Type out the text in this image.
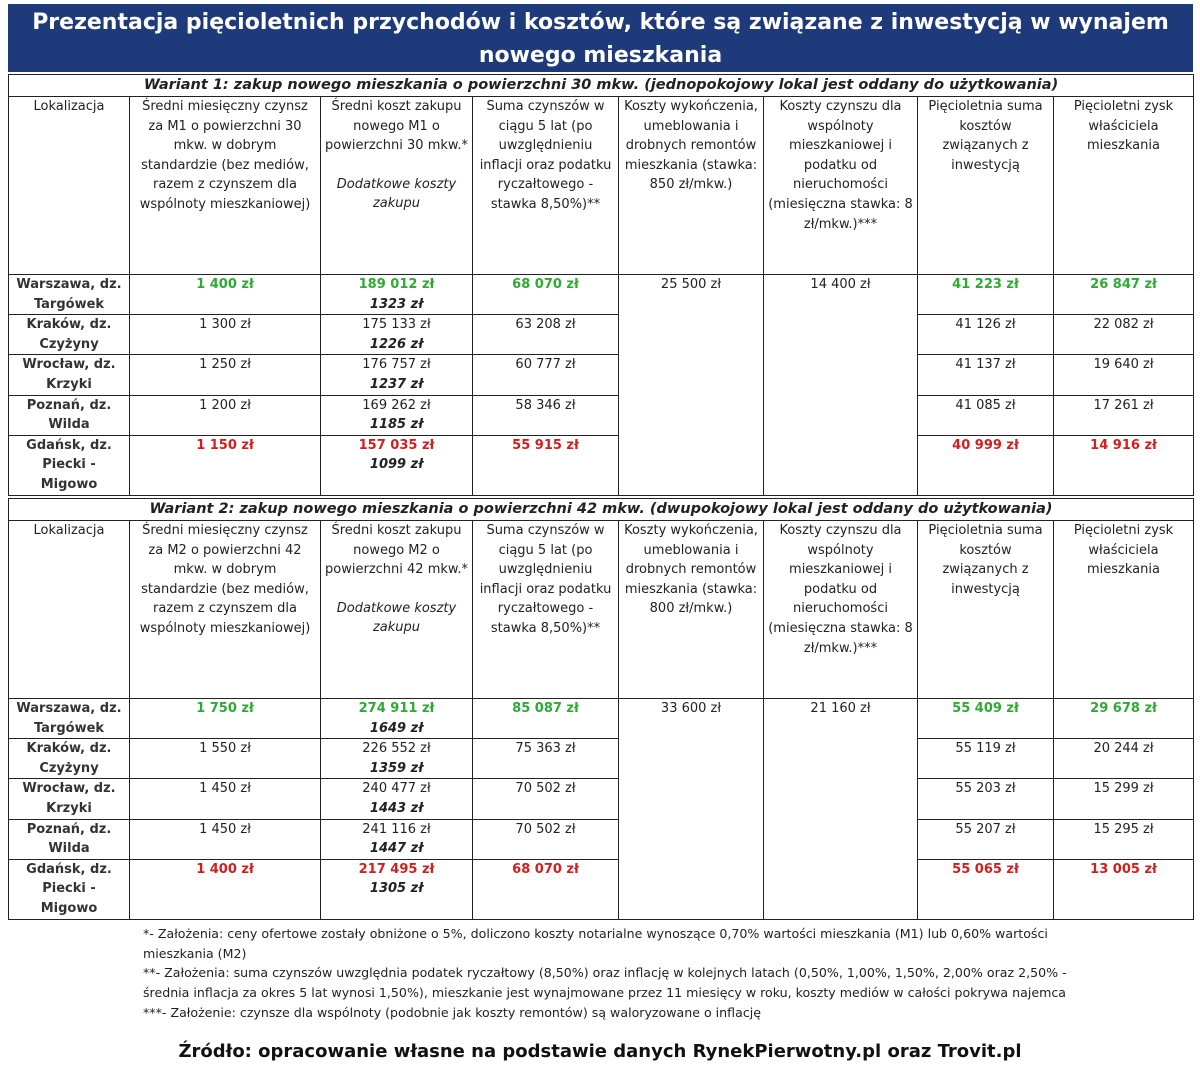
Prezentacja pięcioletnich przychodów i kosztów, które są związane z inwestycją w wynajem nowego mieszkania
Wariant 1: zakup nowego mieszkania o powierzchni 30 mkw. (jednopokojowy lokal jest oddany do użytkowania)							

Lokalizacja	Średni miesięczny czynsz za M1 o powierzchni 30 mkw. w dobrym standardzie (bez mediów, razem z czynszem dla wspólnoty mieszkaniowej)	Średni koszt zakupu nowego M1 o powierzchni 30 mkw.*
Dodatkowe koszty zakupu	Suma czynszów w ciągu 5 lat (po uwzględnieniu inflacji oraz podatku ryczałtowego - stawka 8,50%)**	Koszty wykończenia, umeblowania i drobnych remontów mieszkania (stawka: 850 zł/mkw.)	Koszty czynszu dla wspólnoty mieszkaniowej i podatku od nieruchomości (miesięczna stawka: 8 zł/mkw.)***	Pięcioletnia suma kosztów związanych z inwestycją	Pięcioletni zysk właściciela mieszkania

Warszawa, dz. Targówek	1 400 zł	189 012 zł
1323 zł	68 070 zł	25 500 zł	14 400 zł	41 223 zł	26 847 zł
Kraków, dz. Czyżyny	1 300 zł	175 133 zł
1226 zł	63 208 zł			41 126 zł	22 082 zł
Wrocław, dz. Krzyki	1 250 zł	176 757 zł
1237 zł	60 777 zł			41 137 zł	19 640 zł
Poznań, dz. Wilda	1 200 zł	169 262 zł
1185 zł	58 346 zł			41 085 zł	17 261 zł
Gdańsk, dz. Piecki - Migowo	1 150 zł	157 035 zł
1099 zł	55 915 zł			40 999 zł	14 916 zł
Wariant 2: zakup nowego mieszkania o powierzchni 42 mkw. (dwupokojowy lokal jest oddany do użytkowania)							

Lokalizacja	Średni miesięczny czynsz za M2 o powierzchni 42 mkw. w dobrym standardzie (bez mediów, razem z czynszem dla wspólnoty mieszkaniowej)	Średni koszt zakupu nowego M2 o powierzchni 42 mkw.*
Dodatkowe koszty zakupu	Suma czynszów w ciągu 5 lat (po uwzględnieniu inflacji oraz podatku ryczałtowego - stawka 8,50%)**	Koszty wykończenia, umeblowania i drobnych remontów mieszkania (stawka: 800 zł/mkw.)	Koszty czynszu dla wspólnoty mieszkaniowej i podatku od nieruchomości (miesięczna stawka: 8 zł/mkw.)***	Pięcioletnia suma kosztów związanych z inwestycją	Pięcioletni zysk właściciela mieszkania

Warszawa, dz. Targówek	1 750 zł	274 911 zł
1649 zł	85 087 zł	33 600 zł	21 160 zł	55 409 zł	29 678 zł
Kraków, dz. Czyżyny	1 550 zł	226 552 zł
1359 zł	75 363 zł			55 119 zł	20 244 zł
Wrocław, dz. Krzyki	1 450 zł	240 477 zł
1443 zł	70 502 zł			55 203 zł	15 299 zł
Poznań, dz. Wilda	1 450 zł	241 116 zł
1447 zł	70 502 zł			55 207 zł	15 295 zł
Gdańsk, dz. Piecki - Migowo	1 400 zł	217 495 zł
1305 zł	68 070 zł			55 065 zł	13 005 zł

*- Założenia: ceny ofertowe zostały obniżone o 5%, doliczono koszty notarialne wynoszące 0,70% wartości mieszkania (M1) lub 0,60% wartości mieszkania (M2)

**- Założenia: suma czynszów uwzględnia podatek ryczałtowy (8,50%) oraz inflację w kolejnych latach (0,50%, 1,00%, 1,50%, 2,00% oraz 2,50% - średnia inflacja za okres 5 lat wynosi 1,50%), mieszkanie jest wynajmowane przez 11 miesięcy w roku, koszty mediów w całości pokrywa najemca

***- Założenie: czynsze dla wspólnoty (podobnie jak koszty remontów) są waloryzowane o inflację

Źródło: opracowanie własne na podstawie danych RynekPierwotny.pl oraz Trovit.pl
